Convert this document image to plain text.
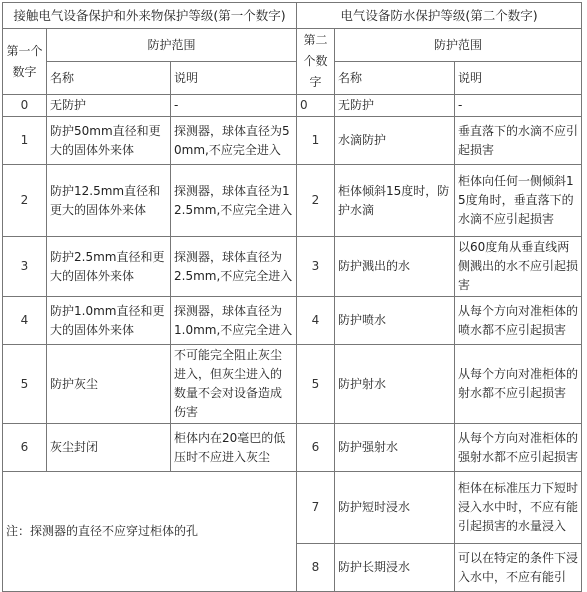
接触电气设备保护和外来物保护等级(第一个数字)			电气设备防水保护等级(第二个数字)		
第一个数字	防护范围		第二个数字	防护范围	
	名称	说明		名称	说明
0	无防护	-	0	无防护	-
1	防护50mm直径和更大的固体外来体	探测器，球体直径为50mm,不应完全进入	1	水滴防护	垂直落下的水滴不应引起损害
2	防护12.5mm直径和更大的固体外来体	探测器，球体直径为12.5mm,不应完全进入	2	柜体倾斜15度时，防护水滴	柜体向任何一侧倾斜15度角时，垂直落下的水滴不应引起损害
3	防护2.5mm直径和更大的固体外来体	探测器，球体直径为2.5mm,不应完全进入	3	防护溅出的水	以60度角从垂直线两侧溅出的水不应引起损害
4	防护1.0mm直径和更大的固体外来体	探测器，球体直径为1.0mm,不应完全进入	4	防护喷水	从每个方向对准柜体的喷水都不应引起损害
5	防护灰尘	不可能完全阻止灰尘进入，但灰尘进入的数量不会对设备造成伤害	5	防护射水	从每个方向对准柜体的射水都不应引起损害
6	灰尘封闭	柜体内在20毫巴的低压时不应进入灰尘	6	防护强射水	从每个方向对准柜体的强射水都不应引起损害
注：探测器的直径不应穿过柜体的孔			7	防护短时浸水	柜体在标准压力下短时浸入水中时，不应有能引起损害的水量浸入
			8	防护长期浸水	可以在特定的条件下浸入水中，不应有能引
